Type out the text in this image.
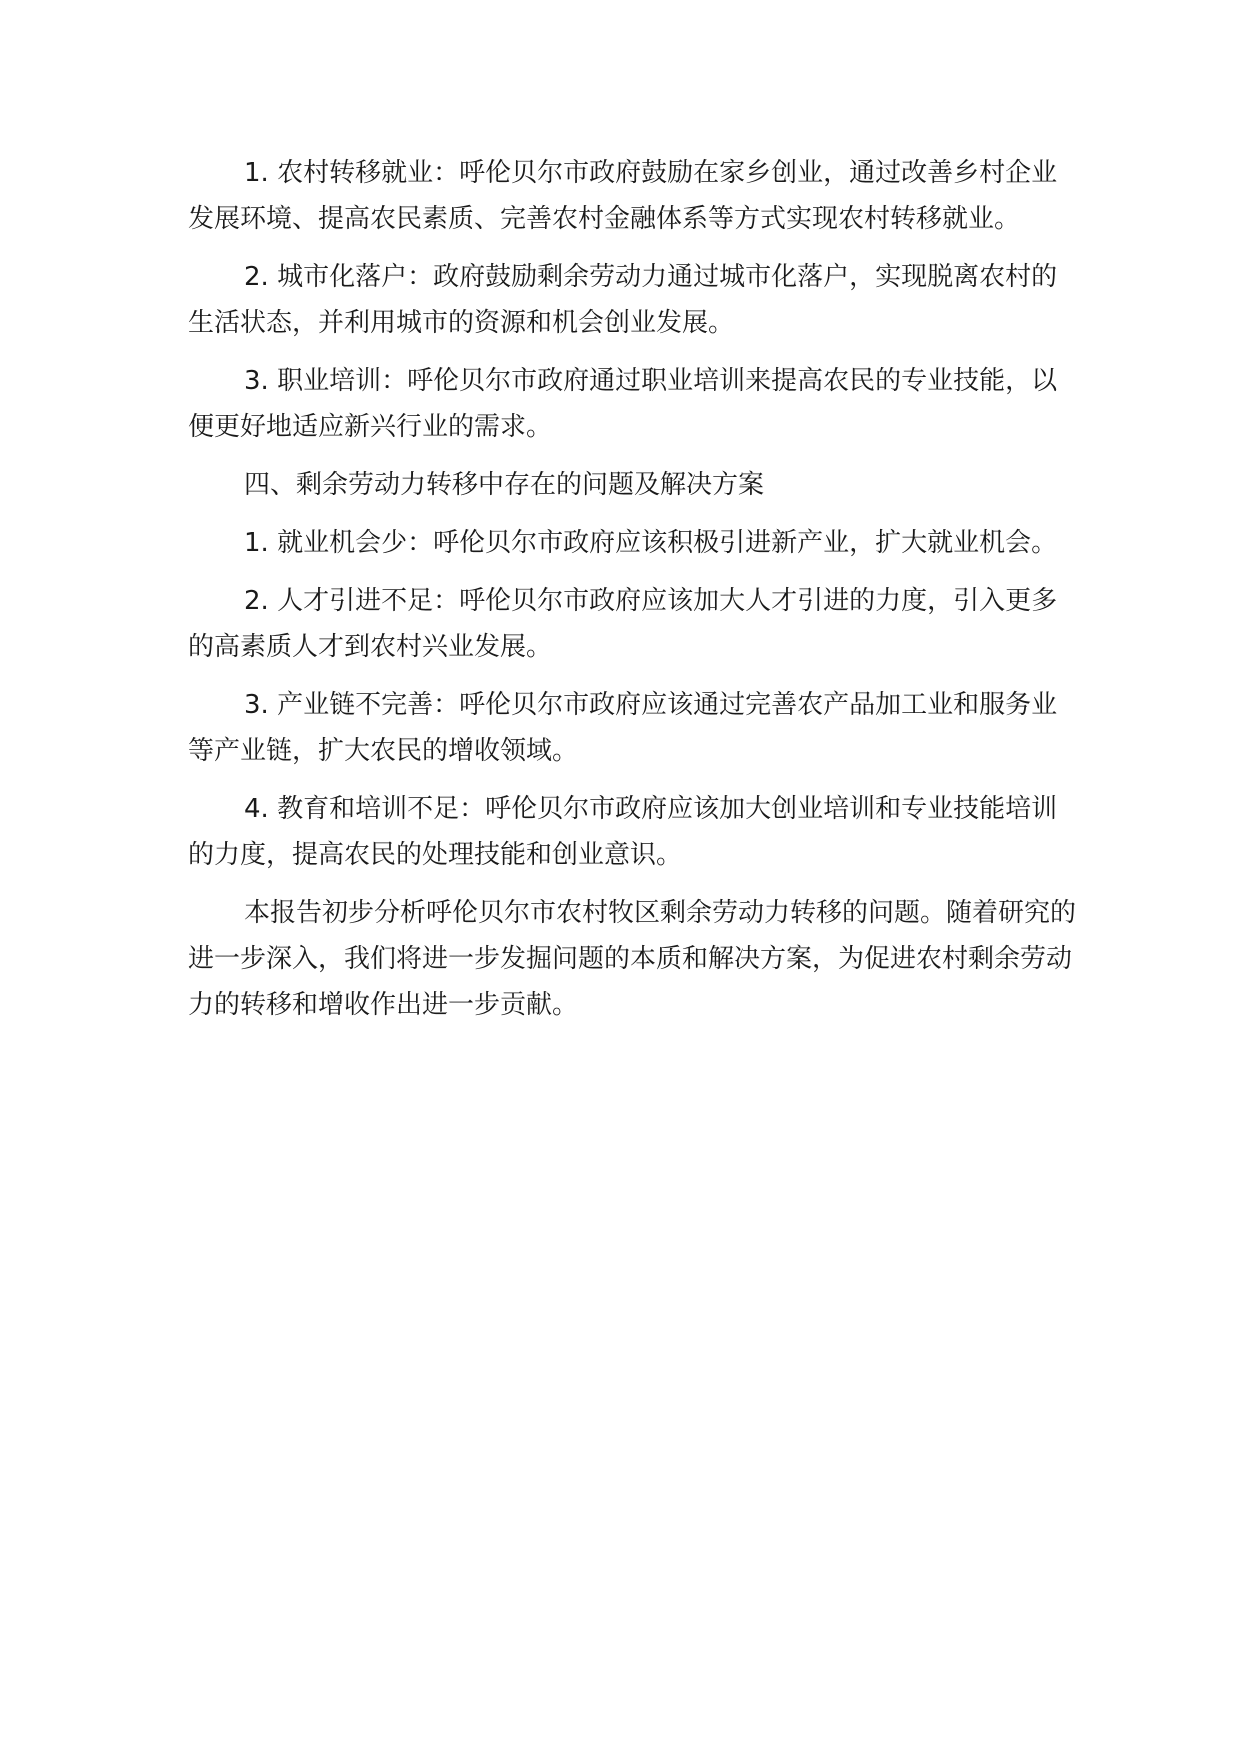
1. 农村转移就业：呼伦贝尔市政府鼓励在家乡创业，通过改善乡村企业发展环境、提高农民素质、完善农村金融体系等方式实现农村转移就业。

2. 城市化落户：政府鼓励剩余劳动力通过城市化落户，实现脱离农村的生活状态，并利用城市的资源和机会创业发展。

3. 职业培训：呼伦贝尔市政府通过职业培训来提高农民的专业技能，以便更好地适应新兴行业的需求。

四、剩余劳动力转移中存在的问题及解决方案

1. 就业机会少：呼伦贝尔市政府应该积极引进新产业，扩大就业机会。

2. 人才引进不足：呼伦贝尔市政府应该加大人才引进的力度，引入更多的高素质人才到农村兴业发展。

3. 产业链不完善：呼伦贝尔市政府应该通过完善农产品加工业和服务业等产业链，扩大农民的增收领域。

4. 教育和培训不足：呼伦贝尔市政府应该加大创业培训和专业技能培训的力度，提高农民的处理技能和创业意识。

本报告初步分析呼伦贝尔市农村牧区剩余劳动力转移的问题。随着研究的进一步深入，我们将进一步发掘问题的本质和解决方案，为促进农村剩余劳动力的转移和增收作出进一步贡献。
